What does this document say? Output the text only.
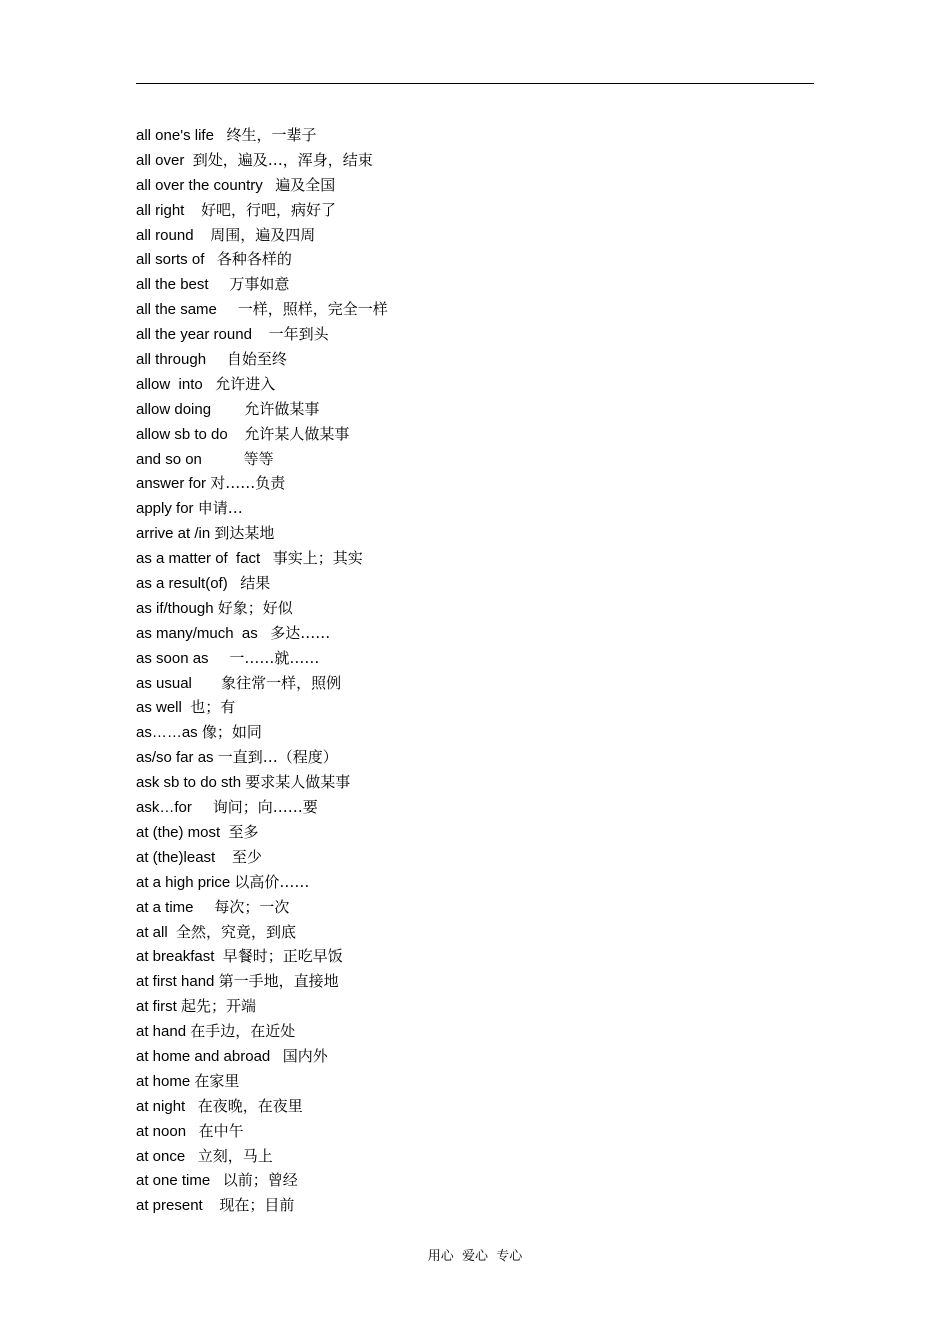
all one's life 终生，一辈子
all over 到处，遍及…，浑身，结束
all over the country 遍及全国
all right 好吧，行吧，病好了
all round 周围，遍及四周
all sorts of 各种各样的
all the best 万事如意
all the same 一样，照样，完全一样
all the year round 一年到头
all through 自始至终
allow  into 允许进入
allow doing 允许做某事
allow sb to do 允许某人做某事
and so on	等等
answer for 对……负责
apply for 申请…
arrive at /in 到达某地
as a matter of  fact 事实上；其实
as a result(of) 结果
as if/though 好象；好似
as many/much  as 多达……
as soon as 一……就……
as usual 象往常一样，照例
as well 也；有
as……as 像；如同
as/so far as 一直到…（程度）
ask sb to do sth 要求某人做某事
ask…for 询问；向……要
at (the) most 至多
at (the)least 至少
at a high price 以高价……
at a time 每次；一次
at all 全然，究竟，到底
at breakfast 早餐时；正吃早饭
at first hand 第一手地，直接地
at first 起先；开端
at hand 在手边，在近处
at home and abroad 国内外
at home 在家里
at night 在夜晚，在夜里
at noon 在中午
at once 立刻，马上
at one time 以前；曾经
at present 现在；目前
用心  爱心  专心
